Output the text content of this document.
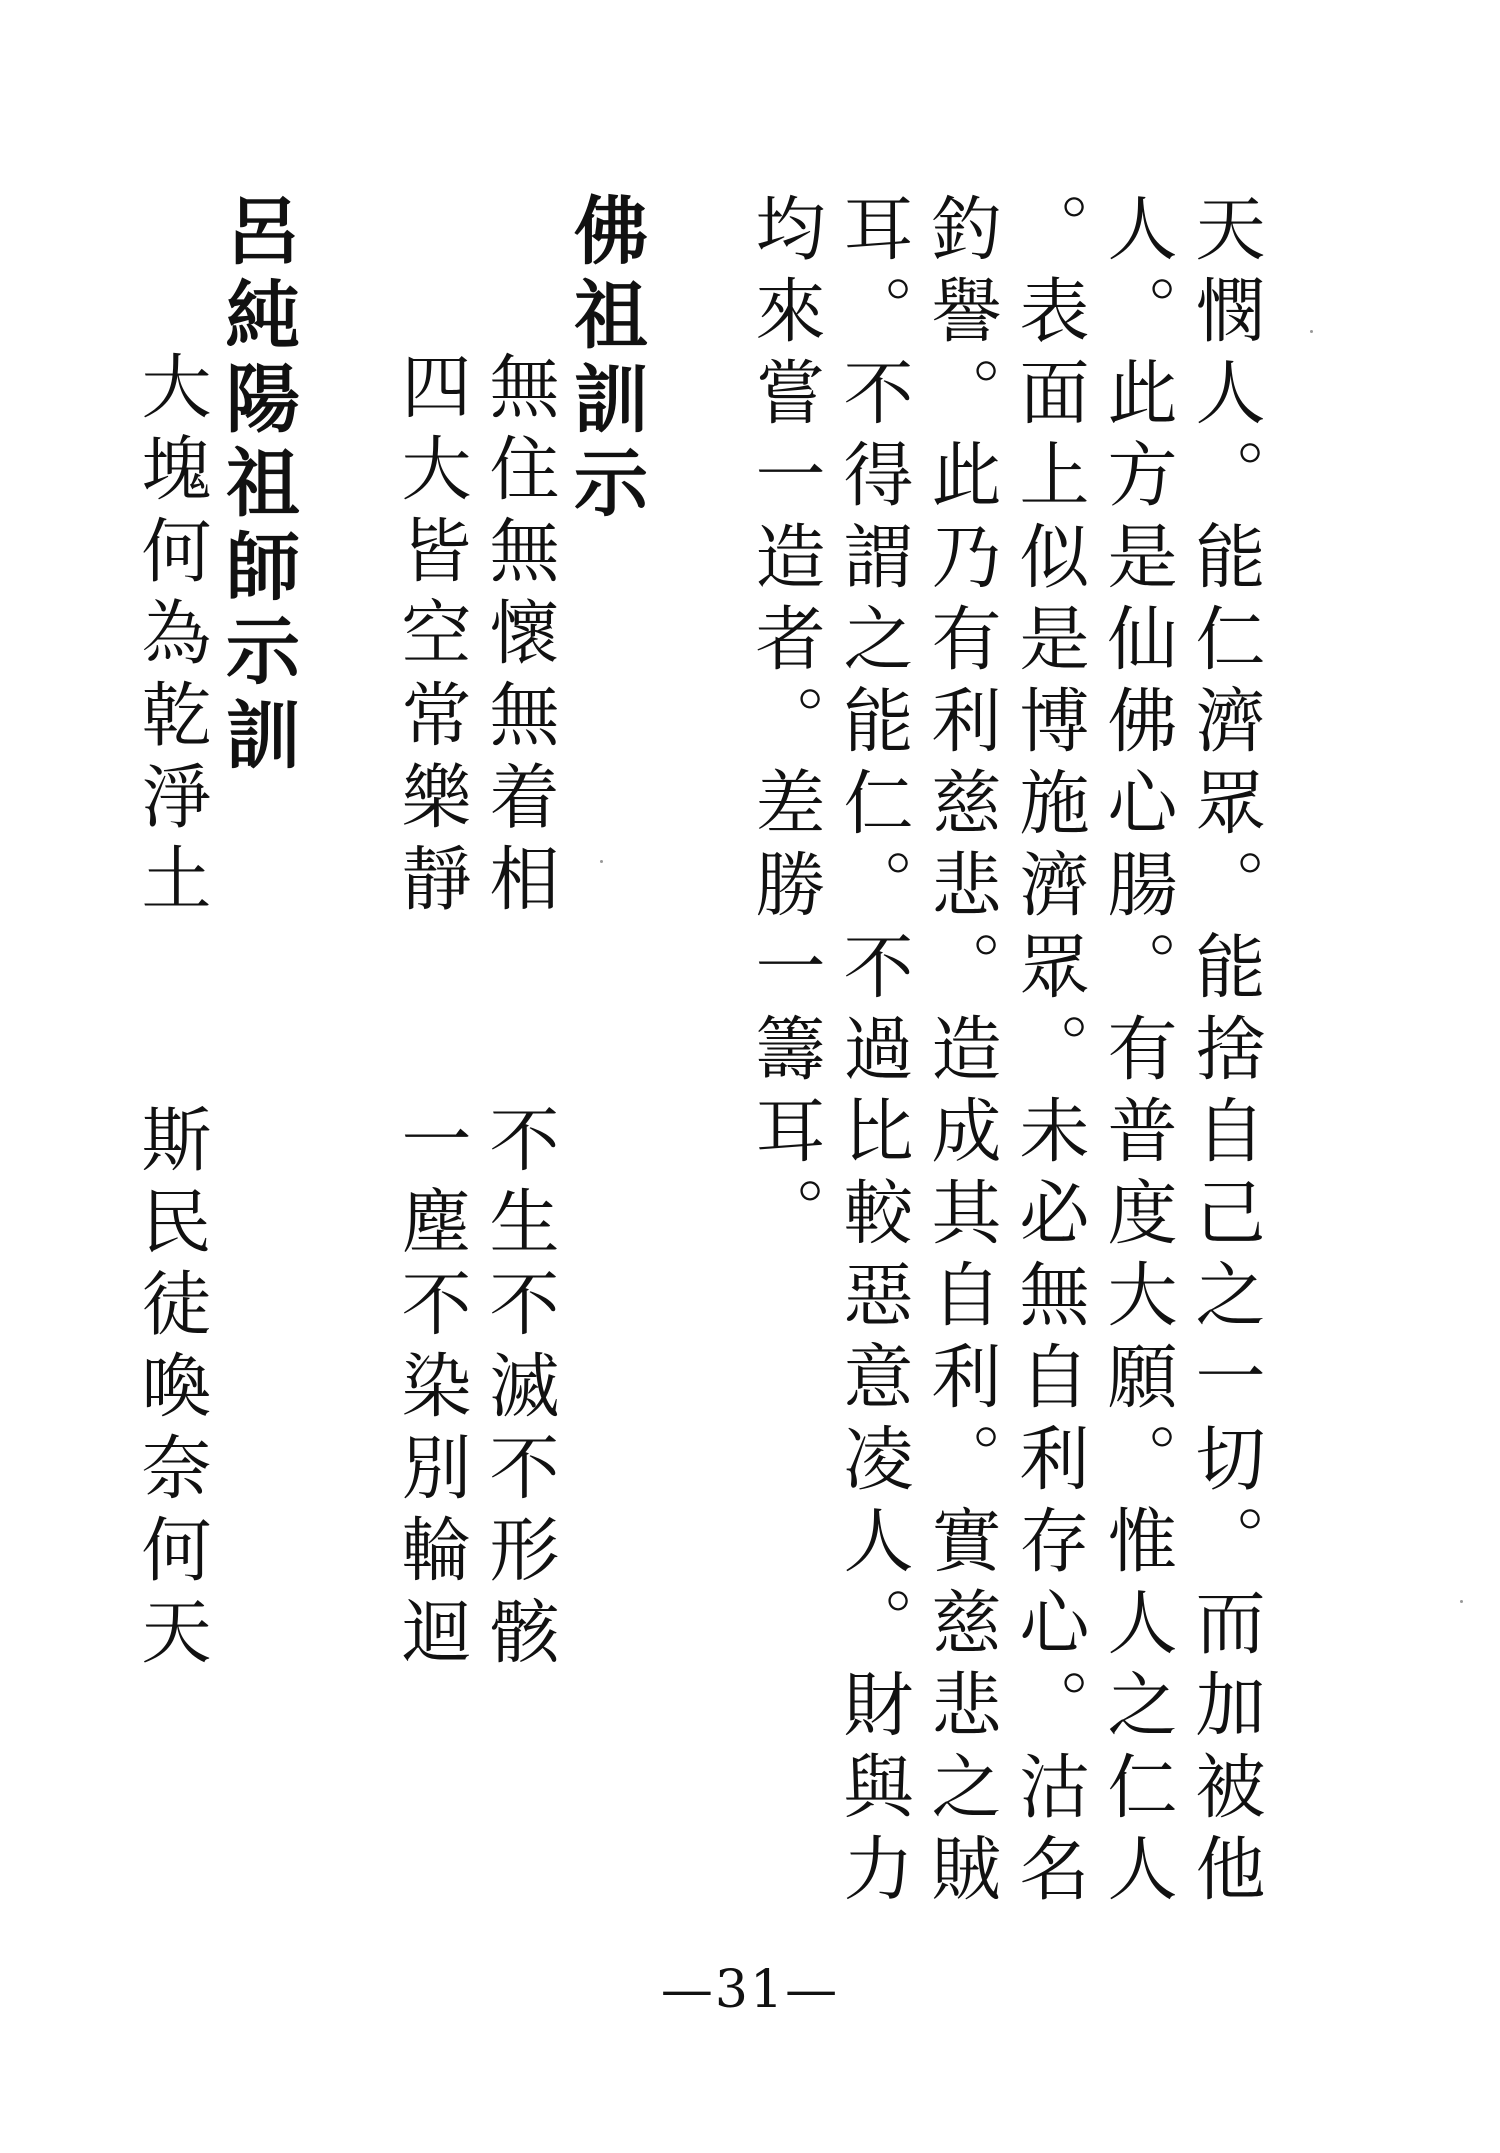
天憫人。能仁濟眾。能捨自己之一切。而加被他
人。此方是仙佛心腸。有普度大願。惟人之仁人
。表面上似是博施濟眾。未必無自利存心。沽名
釣譽。此乃有利慈悲。造成其自利。實慈悲之賊
耳。不得謂之能仁。不過比較惡意凌人。財與力
均來嘗一造者。差勝一籌耳。
佛祖訓示
無住無懷無着相
四大皆空常樂靜
不生不滅不形骸
一塵不染別輪迴
呂純陽祖師示訓
大塊何為乾淨土
斯民徒喚奈何天
—31—
